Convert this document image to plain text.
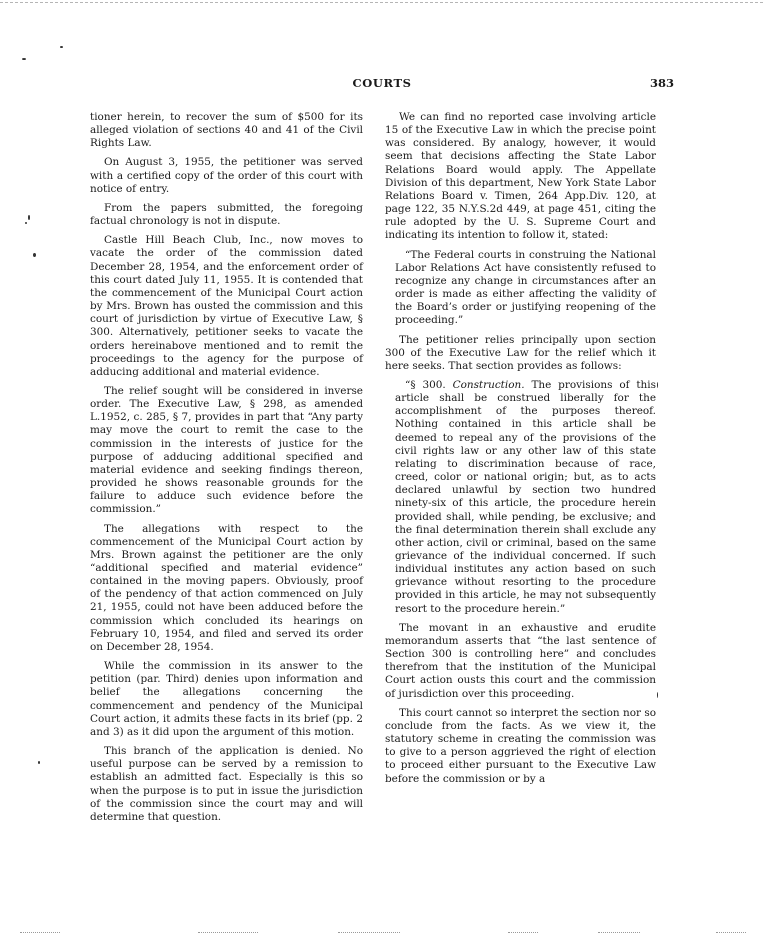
COURTS	383

tioner herein, to recover the sum of $500 for its alleged violation of sections 40 and 41 of the Civil Rights Law.

On August 3, 1955, the petitioner was served with a certified copy of the order of this court with notice of entry.

From the papers submitted, the foregoing factual chronology is not in dispute.

Castle Hill Beach Club, Inc., now moves to vacate the order of the commission dated December 28, 1954, and the enforcement order of this court dated July 11, 1955. It is contended that the commencement of the Municipal Court action by Mrs. Brown has ousted the commission and this court of jurisdiction by virtue of Executive Law, § 300. Alternatively, petitioner seeks to vacate the orders hereinabove mentioned and to remit the proceedings to the agency for the purpose of adducing additional and material evidence.

The relief sought will be considered in inverse order. The Executive Law, § 298, as amended L.1952, c. 285, § 7, provides in part that “Any party may move the court to remit the case to the commission in the interests of justice for the purpose of adducing additional specified and material evidence and seeking findings thereon, provided he shows reasonable grounds for the failure to adduce such evidence before the commission.”

The allegations with respect to the commencement of the Municipal Court action by Mrs. Brown against the petitioner are the only “additional specified and material evidence” contained in the moving papers. Obviously, proof of the pendency of that action commenced on July 21, 1955, could not have been adduced before the commission which concluded its hearings on February 10, 1954, and filed and served its order on December 28, 1954.

While the commission in its answer to the petition (par. Third) denies upon information and belief the allegations concerning the commencement and pendency of the Municipal Court action, it admits these facts in its brief (pp. 2 and 3) as it did upon the argument of this motion.

This branch of the application is denied. No useful purpose can be served by a remission to establish an admitted fact. Especially is this so when the purpose is to put in issue the jurisdiction of the commission since the court may and will determine that question.

We can find no reported case involving article 15 of the Executive Law in which the precise point was considered. By analogy, however, it would seem that decisions affecting the State Labor Relations Board would apply. The Appellate Division of this department, New York State Labor Relations Board v. Timen, 264 App.Div. 120, at page 122, 35 N.Y.S.2d 449, at page 451, citing the rule adopted by the U. S. Supreme Court and indicating its intention to follow it, stated:

“The Federal courts in construing the National Labor Relations Act have consistently refused to recognize any change in circumstances after an order is made as either affecting the validity of the Board’s order or justifying reopening of the proceeding.”

The petitioner relies principally upon section 300 of the Executive Law for the relief which it here seeks. That section provides as follows:

“§ 300. Construction. The provisions of this article shall be construed liberally for the accomplishment of the purposes thereof. Nothing contained in this article shall be deemed to repeal any of the provisions of the civil rights law or any other law of this state relating to discrimination because of race, creed, color or national origin; but, as to acts declared unlawful by section two hundred ninety-six of this article, the procedure herein provided shall, while pending, be exclusive; and the final determination therein shall exclude any other action, civil or criminal, based on the same grievance of the individual concerned. If such individual institutes any action based on such grievance without resorting to the procedure provided in this article, he may not subsequently resort to the procedure herein.”

The movant in an exhaustive and erudite memorandum asserts that “the last sentence of Section 300 is controlling here” and concludes therefrom that the institution of the Municipal Court action ousts this court and the commission of jurisdiction over this proceeding.

This court cannot so interpret the section nor so conclude from the facts. As we view it, the statutory scheme in creating the commission was to give to a person aggrieved the right of election to proceed either pursuant to the Executive Law before the commission or by a
